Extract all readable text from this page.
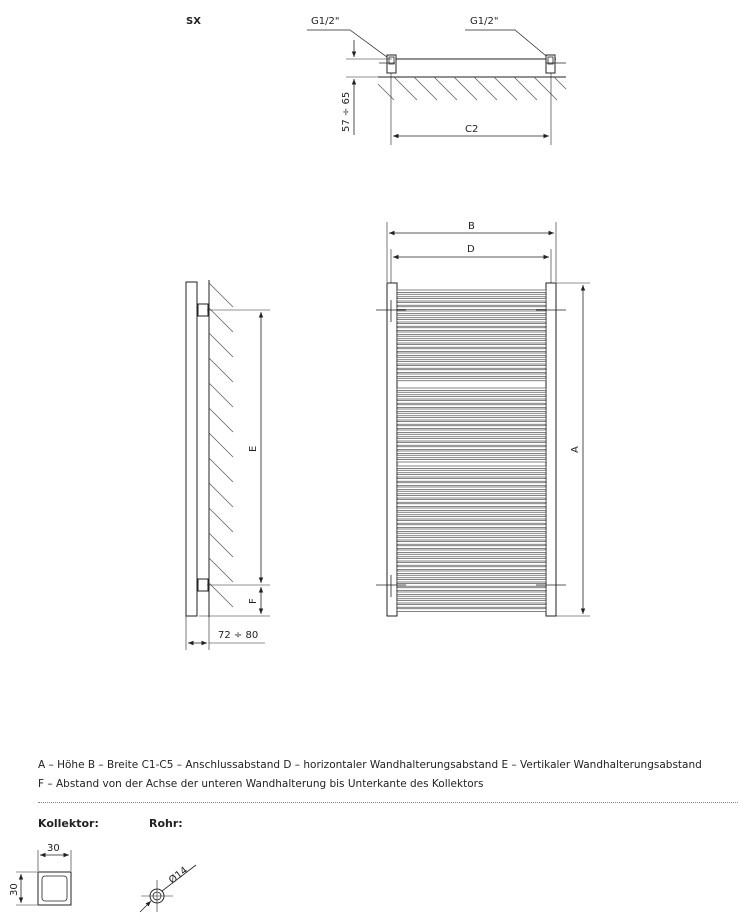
SX	G1/2"	G1/2"
57 ÷ 65	C2
E
F
72 ÷ 80
B
D
A
30
30
Ø14
A – Höhe B – Breite C1-C5 – Anschlussabstand D – horizontaler Wandhalterungsabstand E – Vertikaler Wandhalterungsabstand
F – Abstand von der Achse der unteren Wandhalterung bis Unterkante des Kollektors
Kollektor:	Rohr:
